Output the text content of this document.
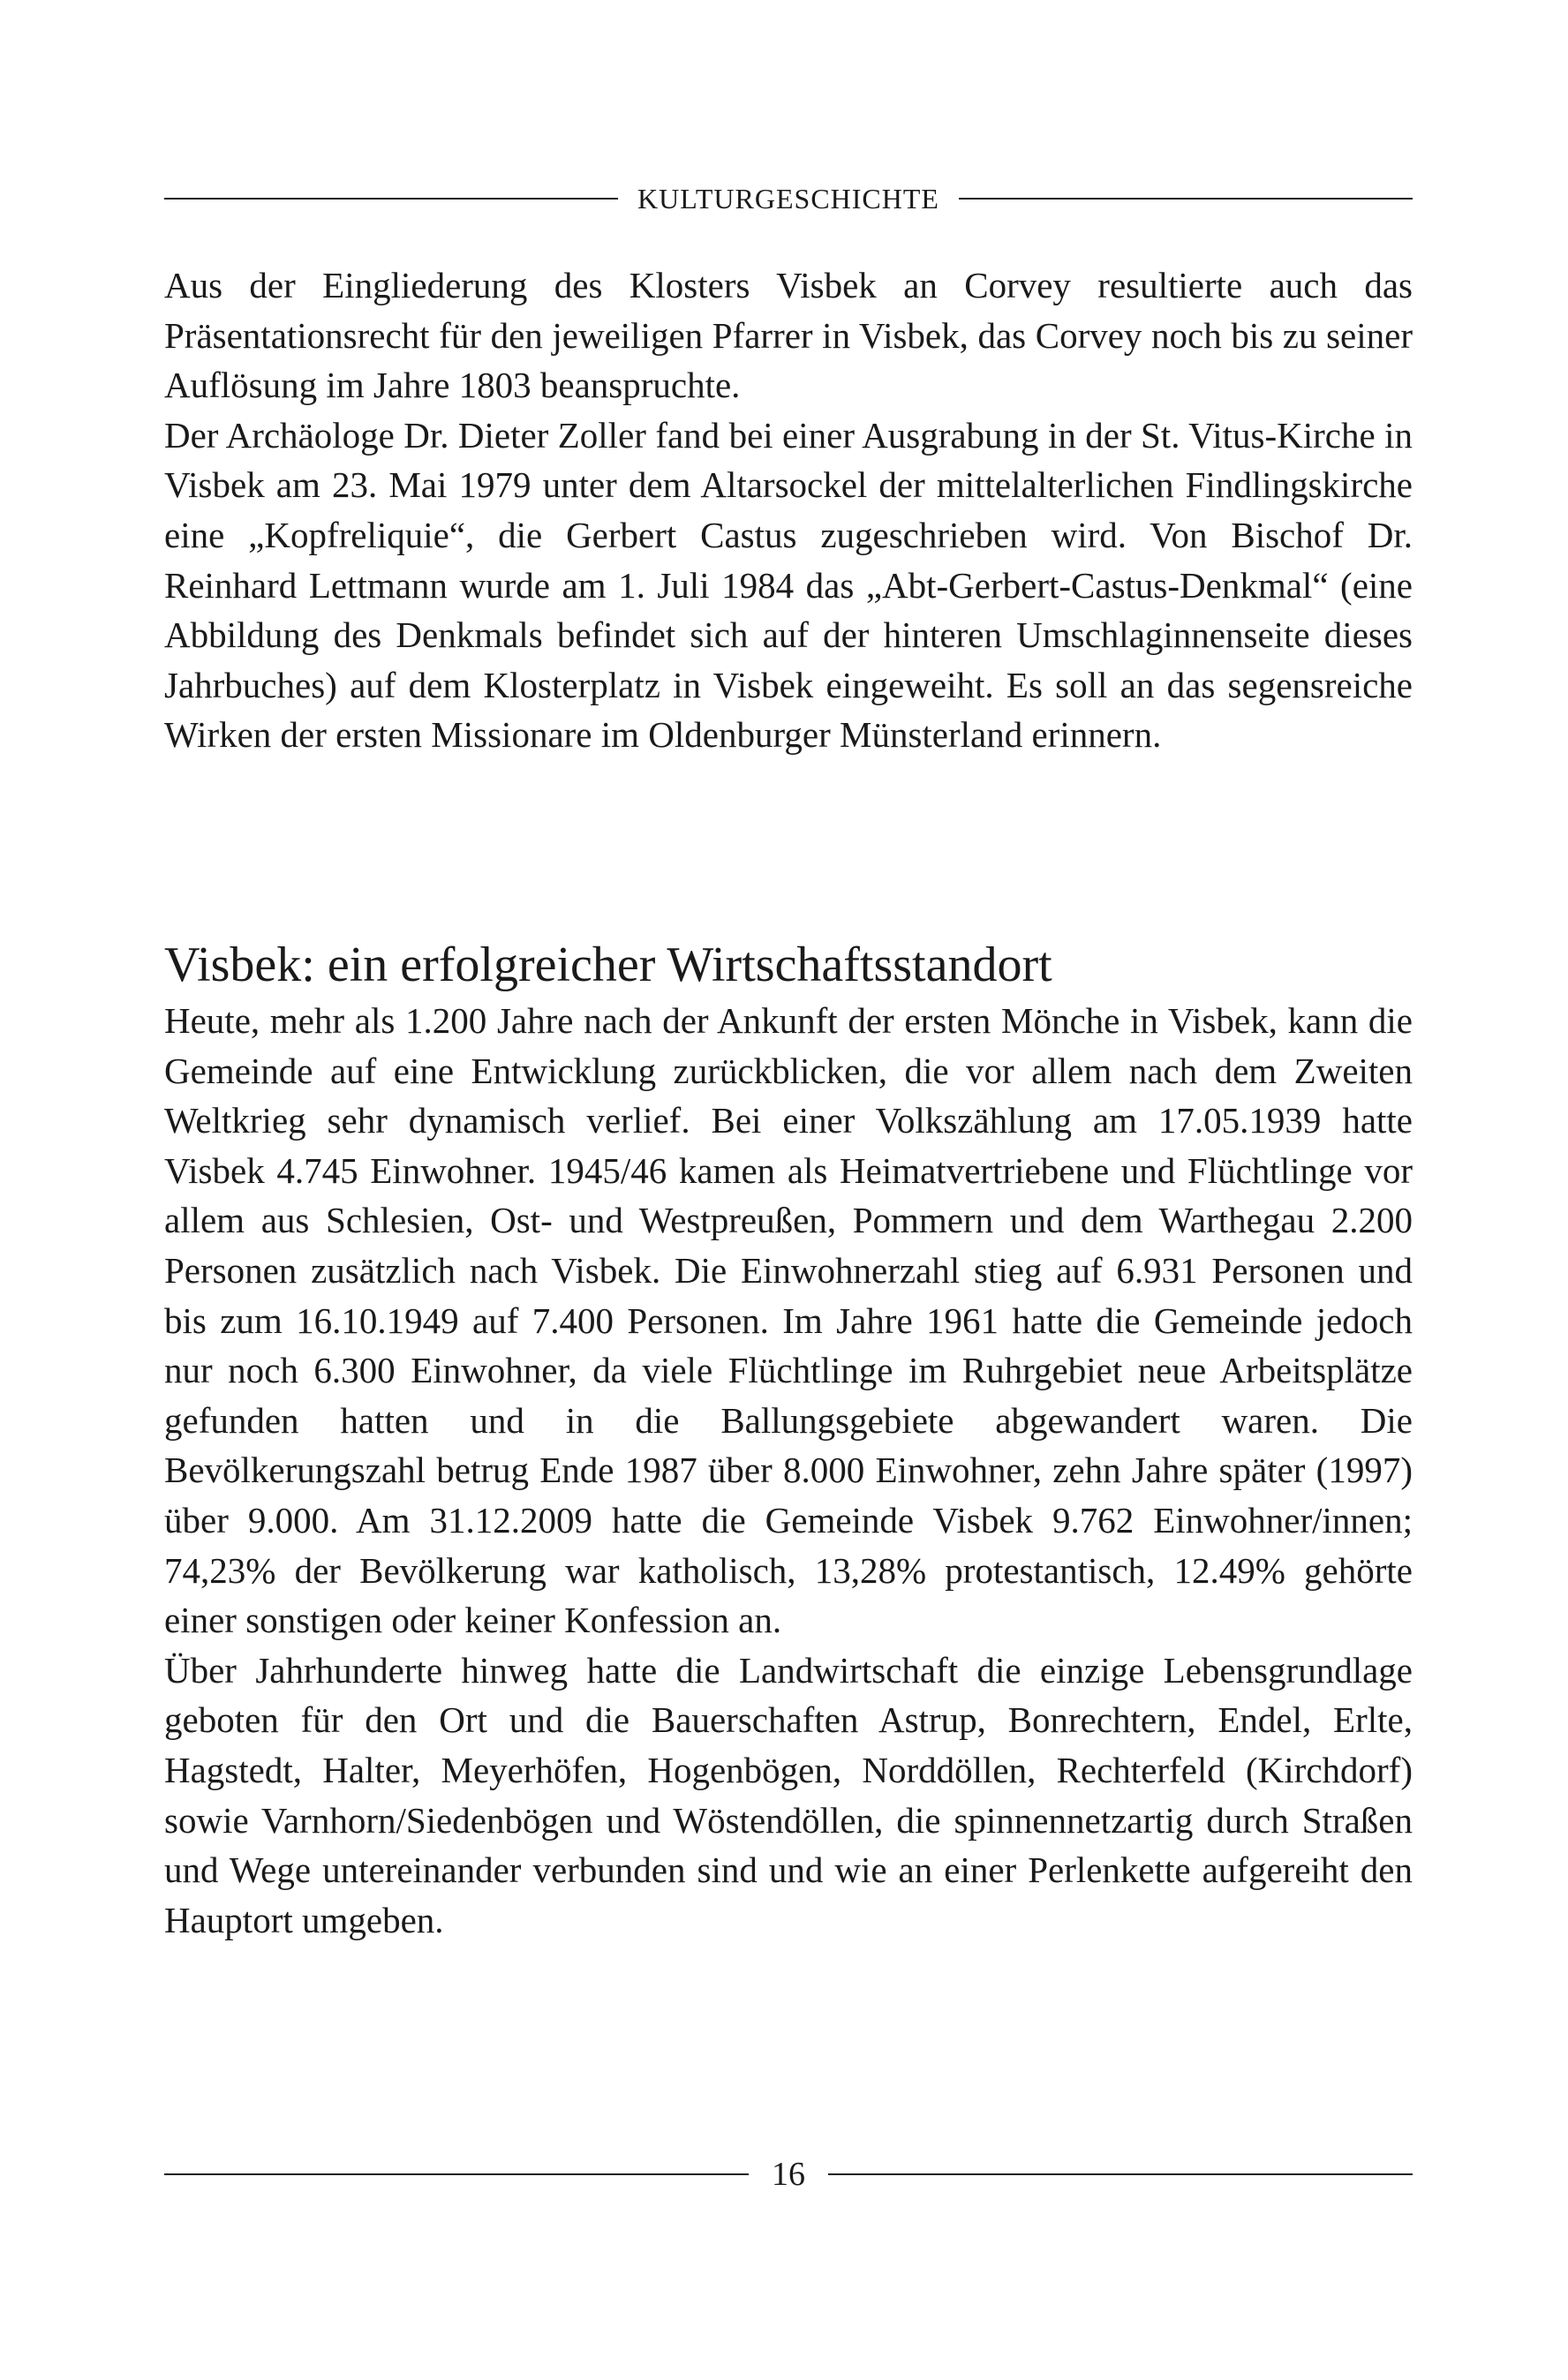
KULTURGESCHICHTE

Aus der Eingliederung des Klosters Visbek an Corvey resultierte auch das Präsentationsrecht für den jeweiligen Pfarrer in Visbek, das Corvey noch bis zu seiner Auflösung im Jahre 1803 beanspruchte.

Der Archäologe Dr. Dieter Zoller fand bei einer Ausgrabung in der St. Vitus-Kirche in Visbek am 23. Mai 1979 unter dem Altarsockel der mittelalterlichen Findlingskirche eine „Kopfreliquie“, die Gerbert Castus zugeschrieben wird. Von Bischof Dr. Reinhard Lettmann wurde am 1. Juli 1984 das „Abt-Gerbert-Castus-Denkmal“ (eine Abbildung des Denkmals befindet sich auf der hinteren Umschlaginnenseite dieses Jahrbuches) auf dem Klosterplatz in Visbek eingeweiht. Es soll an das segensreiche Wirken der ersten Missionare im Oldenburger Münsterland erinnern.

Visbek: ein erfolgreicher Wirtschaftsstandort

Heute, mehr als 1.200 Jahre nach der Ankunft der ersten Mönche in Visbek, kann die Gemeinde auf eine Entwicklung zurückblicken, die vor allem nach dem Zweiten Weltkrieg sehr dynamisch verlief. Bei einer Volkszählung am 17.05.1939 hatte Visbek 4.745 Einwohner. 1945/46 kamen als Heimatvertriebene und Flüchtlinge vor allem aus Schlesien, Ost- und Westpreußen, Pommern und dem Warthegau 2.200 Personen zusätzlich nach Visbek. Die Einwohnerzahl stieg auf 6.931 Personen und bis zum 16.10.1949 auf 7.400 Personen. Im Jahre 1961 hatte die Gemeinde jedoch nur noch 6.300 Einwohner, da viele Flüchtlinge im Ruhrgebiet neue Arbeitsplätze gefunden hatten und in die Ballungsgebiete abgewandert waren. Die Bevölkerungszahl betrug Ende 1987 über 8.000 Einwohner, zehn Jahre später (1997) über 9.000. Am 31.12.2009 hatte die Gemeinde Visbek 9.762 Einwohner/innen; 74,23% der Bevölkerung war katholisch, 13,28% protestantisch, 12.49% gehörte einer sonstigen oder keiner Konfession an.

Über Jahrhunderte hinweg hatte die Landwirtschaft die einzige Lebensgrundlage geboten für den Ort und die Bauerschaften Astrup, Bonrechtern, Endel, Erlte, Hagstedt, Halter, Meyerhöfen, Hogenbögen, Norddöllen, Rechterfeld (Kirchdorf) sowie Varnhorn/Siedenbögen und Wöstendöllen, die spinnennetzartig durch Straßen und Wege untereinander verbunden sind und wie an einer Perlenkette aufgereiht den Hauptort umgeben.

16
